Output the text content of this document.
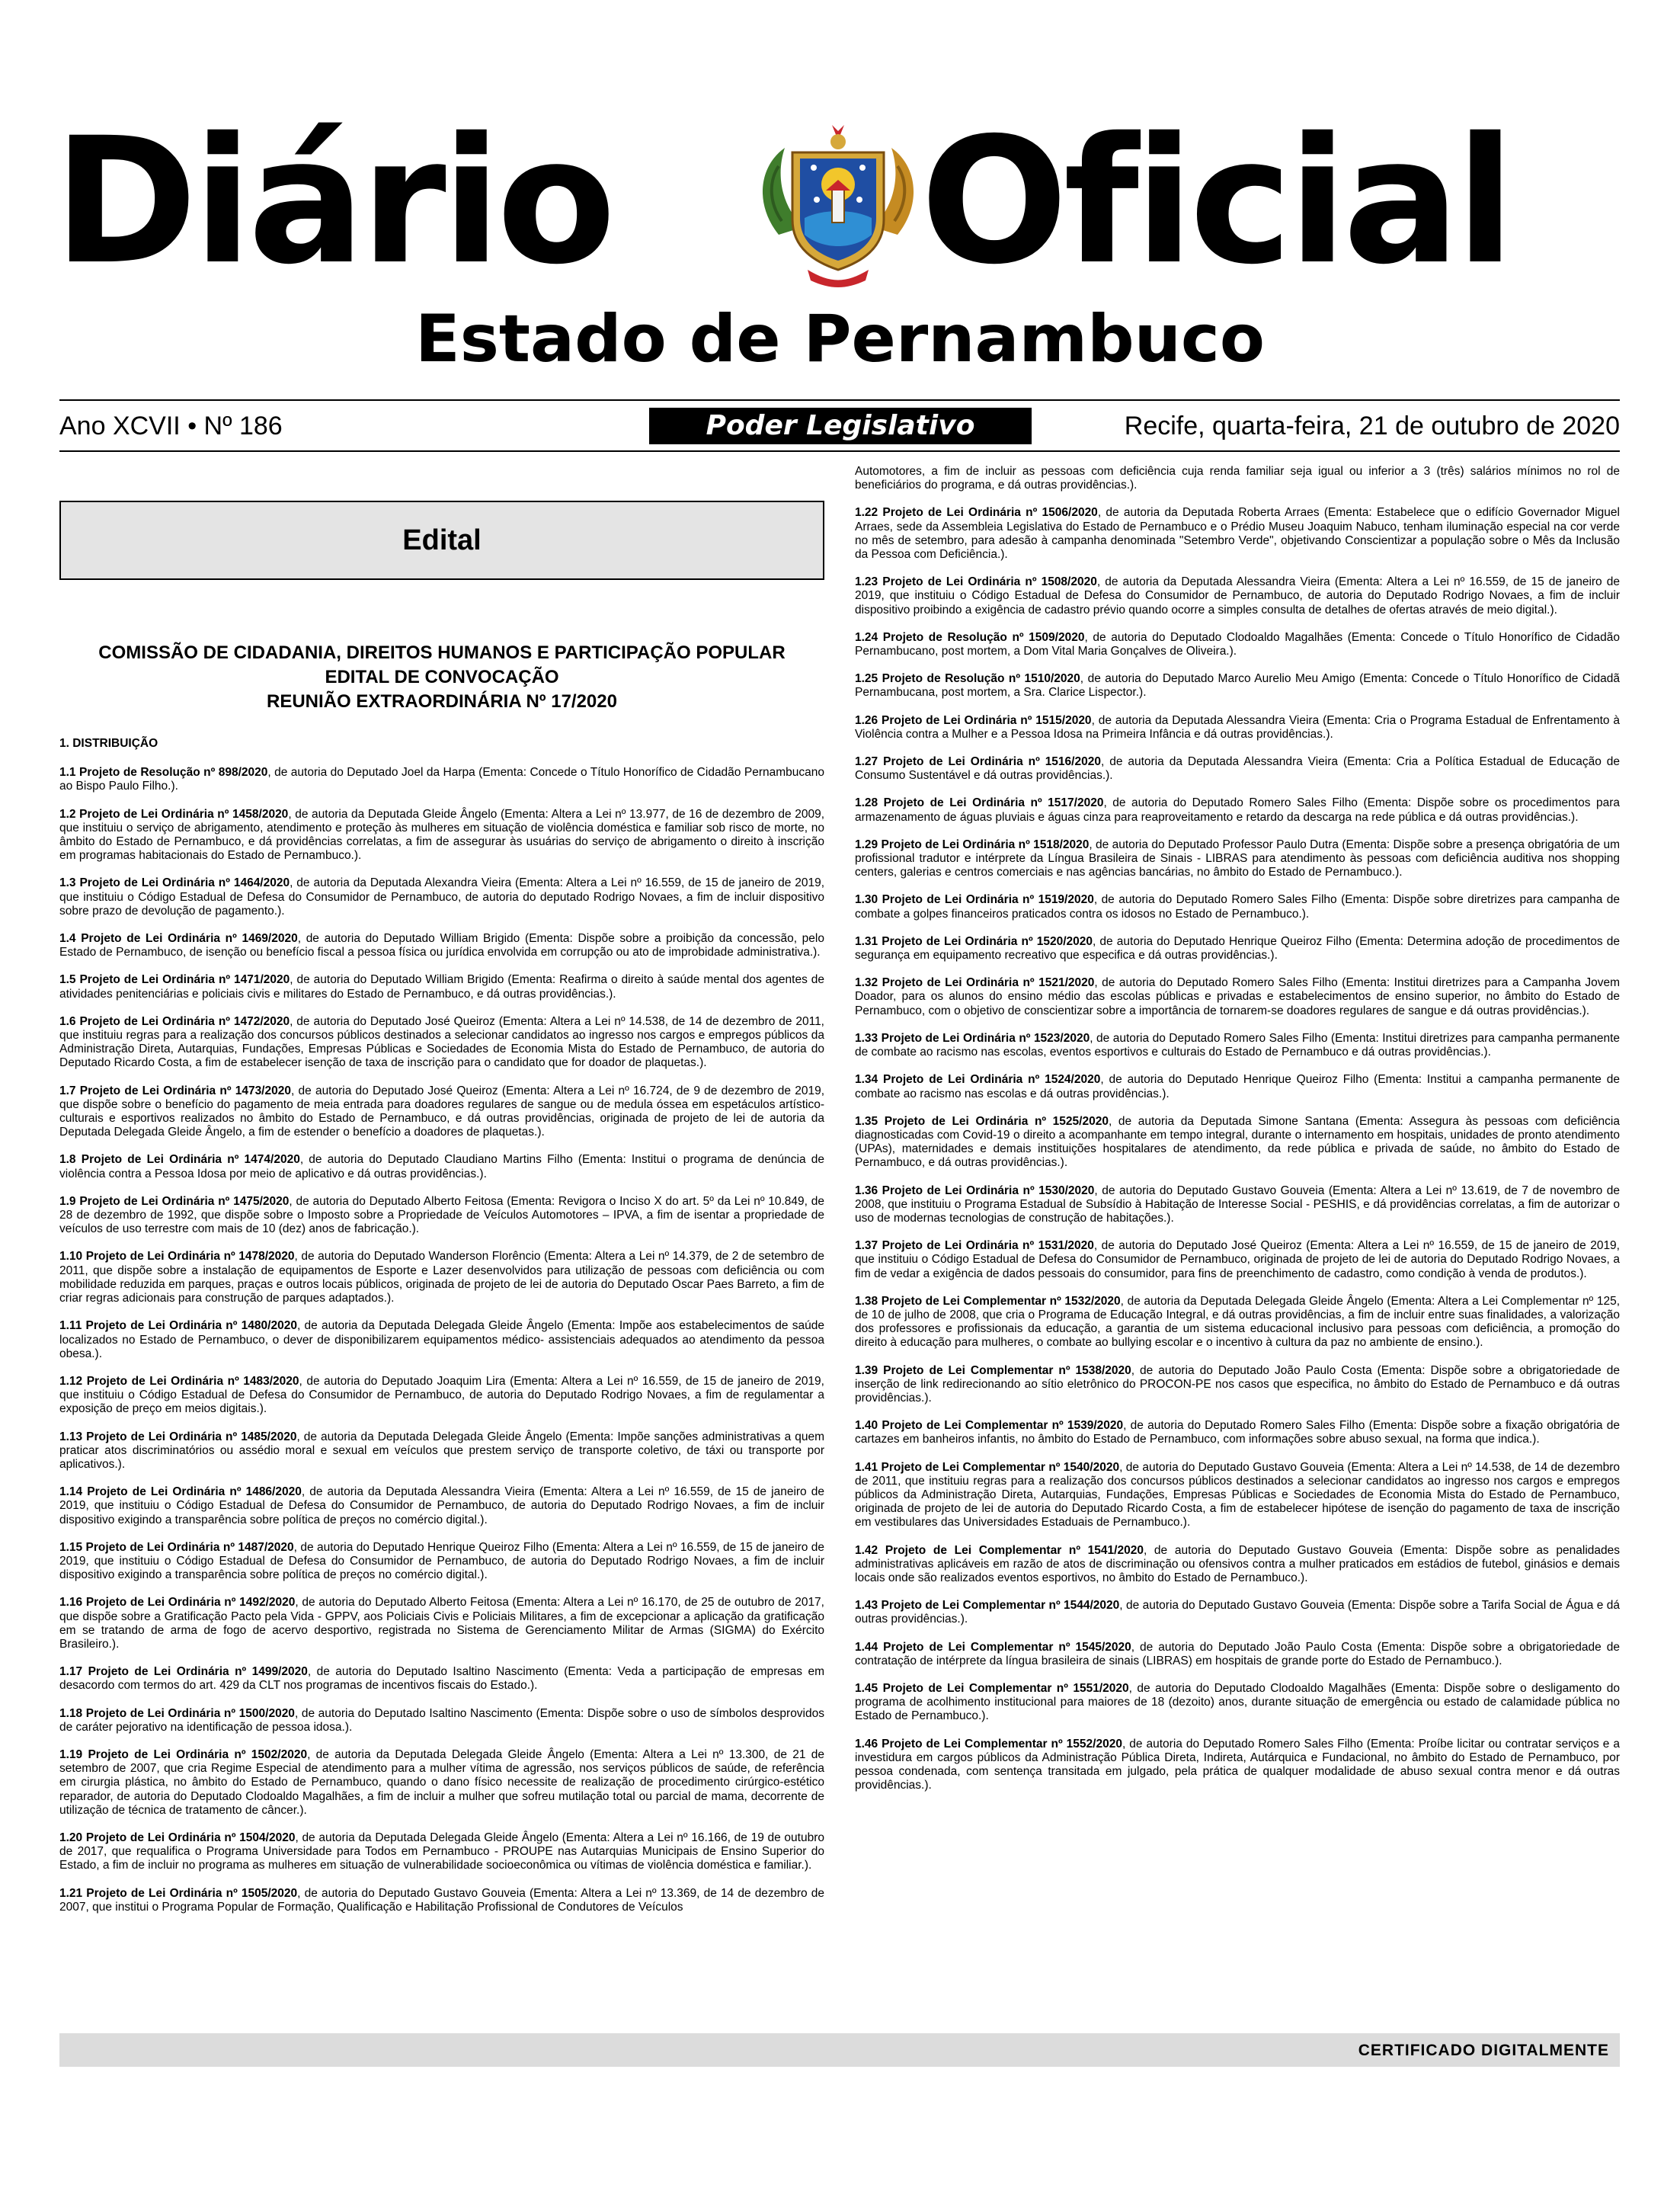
Diário Oficial
Estado de Pernambuco
Ano XCVII • Nº 186	Poder Legislativo	Recife, quarta-feira, 21 de outubro de 2020
Edital
COMISSÃO DE CIDADANIA, DIREITOS HUMANOS E PARTICIPAÇÃO POPULAR
EDITAL DE CONVOCAÇÃO
REUNIÃO EXTRAORDINÁRIA Nº 17/2020
1. DISTRIBUIÇÃO
1.1 Projeto de Resolução nº 898/2020, de autoria do Deputado Joel da Harpa (Ementa: Concede o Título Honorífico de Cidadão Pernambucano ao Bispo Paulo Filho.).
1.2 Projeto de Lei Ordinária nº 1458/2020, de autoria da Deputada Gleide Ângelo (Ementa: Altera a Lei nº 13.977, de 16 de dezembro de 2009, que instituiu o serviço de abrigamento, atendimento e proteção às mulheres em situação de violência doméstica e familiar sob risco de morte, no âmbito do Estado de Pernambuco, e dá providências correlatas, a fim de assegurar às usuárias do serviço de abrigamento o direito à inscrição em programas habitacionais do Estado de Pernambuco.).
1.3 Projeto de Lei Ordinária nº 1464/2020, de autoria da Deputada Alexandra Vieira (Ementa: Altera a Lei nº 16.559, de 15 de janeiro de 2019, que instituiu o Código Estadual de Defesa do Consumidor de Pernambuco, de autoria do deputado Rodrigo Novaes, a fim de incluir dispositivo sobre prazo de devolução de pagamento.).
1.4 Projeto de Lei Ordinária nº 1469/2020, de autoria do Deputado William Brigido (Ementa: Dispõe sobre a proibição da concessão, pelo Estado de Pernambuco, de isenção ou benefício fiscal a pessoa física ou jurídica envolvida em corrupção ou ato de improbidade administrativa.).
1.5 Projeto de Lei Ordinária nº 1471/2020, de autoria do Deputado William Brigido (Ementa: Reafirma o direito à saúde mental dos agentes de atividades penitenciárias e policiais civis e militares do Estado de Pernambuco, e dá outras providências.).
1.6 Projeto de Lei Ordinária nº 1472/2020, de autoria do Deputado José Queiroz (Ementa: Altera a Lei nº 14.538, de 14 de dezembro de 2011, que instituiu regras para a realização dos concursos públicos destinados a selecionar candidatos ao ingresso nos cargos e empregos públicos da Administração Direta, Autarquias, Fundações, Empresas Públicas e Sociedades de Economia Mista do Estado de Pernambuco, de autoria do Deputado Ricardo Costa, a fim de estabelecer isenção de taxa de inscrição para o candidato que for doador de plaquetas.).
1.7 Projeto de Lei Ordinária nº 1473/2020, de autoria do Deputado José Queiroz (Ementa: Altera a Lei nº 16.724, de 9 de dezembro de 2019, que dispõe sobre o benefício do pagamento de meia entrada para doadores regulares de sangue ou de medula óssea em espetáculos artístico-culturais e esportivos realizados no âmbito do Estado de Pernambuco, e dá outras providências, originada de projeto de lei de autoria da Deputada Delegada Gleide Ângelo, a fim de estender o benefício a doadores de plaquetas.).
1.8 Projeto de Lei Ordinária nº 1474/2020, de autoria do Deputado Claudiano Martins Filho (Ementa: Institui o programa de denúncia de violência contra a Pessoa Idosa por meio de aplicativo e dá outras providências.).
1.9 Projeto de Lei Ordinária nº 1475/2020, de autoria do Deputado Alberto Feitosa (Ementa: Revigora o Inciso X do art. 5º da Lei nº 10.849, de 28 de dezembro de 1992, que dispõe sobre o Imposto sobre a Propriedade de Veículos Automotores – IPVA, a fim de isentar a propriedade de veículos de uso terrestre com mais de 10 (dez) anos de fabricação.).
1.10 Projeto de Lei Ordinária nº 1478/2020, de autoria do Deputado Wanderson Florêncio (Ementa: Altera a Lei nº 14.379, de 2 de setembro de 2011, que dispõe sobre a instalação de equipamentos de Esporte e Lazer desenvolvidos para utilização de pessoas com deficiência ou com mobilidade reduzida em parques, praças e outros locais públicos, originada de projeto de lei de autoria do Deputado Oscar Paes Barreto, a fim de criar regras adicionais para construção de parques adaptados.).
1.11 Projeto de Lei Ordinária nº 1480/2020, de autoria da Deputada Delegada Gleide Ângelo (Ementa: Impõe aos estabelecimentos de saúde localizados no Estado de Pernambuco, o dever de disponibilizarem equipamentos médico- assistenciais adequados ao atendimento da pessoa obesa.).
1.12 Projeto de Lei Ordinária nº 1483/2020, de autoria do Deputado Joaquim Lira (Ementa: Altera a Lei nº 16.559, de 15 de janeiro de 2019, que instituiu o Código Estadual de Defesa do Consumidor de Pernambuco, de autoria do Deputado Rodrigo Novaes, a fim de regulamentar a exposição de preço em meios digitais.).
1.13 Projeto de Lei Ordinária nº 1485/2020, de autoria da Deputada Delegada Gleide Ângelo (Ementa: Impõe sanções administrativas a quem praticar atos discriminatórios ou assédio moral e sexual em veículos que prestem serviço de transporte coletivo, de táxi ou transporte por aplicativos.).
1.14 Projeto de Lei Ordinária nº 1486/2020, de autoria da Deputada Alessandra Vieira (Ementa: Altera a Lei nº 16.559, de 15 de janeiro de 2019, que instituiu o Código Estadual de Defesa do Consumidor de Pernambuco, de autoria do Deputado Rodrigo Novaes, a fim de incluir dispositivo exigindo a transparência sobre política de preços no comércio digital.).
1.15 Projeto de Lei Ordinária nº 1487/2020, de autoria do Deputado Henrique Queiroz Filho (Ementa: Altera a Lei nº 16.559, de 15 de janeiro de 2019, que instituiu o Código Estadual de Defesa do Consumidor de Pernambuco, de autoria do Deputado Rodrigo Novaes, a fim de incluir dispositivo exigindo a transparência sobre política de preços no comércio digital.).
1.16 Projeto de Lei Ordinária nº 1492/2020, de autoria do Deputado Alberto Feitosa (Ementa: Altera a Lei nº 16.170, de 25 de outubro de 2017, que dispõe sobre a Gratificação Pacto pela Vida - GPPV, aos Policiais Civis e Policiais Militares, a fim de excepcionar a aplicação da gratificação em se tratando de arma de fogo de acervo desportivo, registrada no Sistema de Gerenciamento Militar de Armas (SIGMA) do Exército Brasileiro.).
1.17 Projeto de Lei Ordinária nº 1499/2020, de autoria do Deputado Isaltino Nascimento (Ementa: Veda a participação de empresas em desacordo com termos do art. 429 da CLT nos programas de incentivos fiscais do Estado.).
1.18 Projeto de Lei Ordinária nº 1500/2020, de autoria do Deputado Isaltino Nascimento (Ementa: Dispõe sobre o uso de símbolos desprovidos de caráter pejorativo na identificação de pessoa idosa.).
1.19 Projeto de Lei Ordinária nº 1502/2020, de autoria da Deputada Delegada Gleide Ângelo (Ementa: Altera a Lei nº 13.300, de 21 de setembro de 2007, que cria Regime Especial de atendimento para a mulher vítima de agressão, nos serviços públicos de saúde, de referência em cirurgia plástica, no âmbito do Estado de Pernambuco, quando o dano físico necessite de realização de procedimento cirúrgico-estético reparador, de autoria do Deputado Clodoaldo Magalhães, a fim de incluir a mulher que sofreu mutilação total ou parcial de mama, decorrente de utilização de técnica de tratamento de câncer.).
1.20 Projeto de Lei Ordinária nº 1504/2020, de autoria da Deputada Delegada Gleide Ângelo (Ementa: Altera a Lei nº 16.166, de 19 de outubro de 2017, que requalifica o Programa Universidade para Todos em Pernambuco - PROUPE nas Autarquias Municipais de Ensino Superior do Estado, a fim de incluir no programa as mulheres em situação de vulnerabilidade socioeconômica ou vítimas de violência doméstica e familiar.).
1.21 Projeto de Lei Ordinária nº 1505/2020, de autoria do Deputado Gustavo Gouveia (Ementa: Altera a Lei nº 13.369, de 14 de dezembro de 2007, que institui o Programa Popular de Formação, Qualificação e Habilitação Profissional de Condutores de Veículos
Automotores, a fim de incluir as pessoas com deficiência cuja renda familiar seja igual ou inferior a 3 (três) salários mínimos no rol de beneficiários do programa, e dá outras providências.).
1.22 Projeto de Lei Ordinária nº 1506/2020, de autoria da Deputada Roberta Arraes (Ementa: Estabelece que o edifício Governador Miguel Arraes, sede da Assembleia Legislativa do Estado de Pernambuco e o Prédio Museu Joaquim Nabuco, tenham iluminação especial na cor verde no mês de setembro, para adesão à campanha denominada "Setembro Verde", objetivando Conscientizar a população sobre o Mês da Inclusão da Pessoa com Deficiência.).
1.23 Projeto de Lei Ordinária nº 1508/2020, de autoria da Deputada Alessandra Vieira (Ementa: Altera a Lei nº 16.559, de 15 de janeiro de 2019, que instituiu o Código Estadual de Defesa do Consumidor de Pernambuco, de autoria do Deputado Rodrigo Novaes, a fim de incluir dispositivo proibindo a exigência de cadastro prévio quando ocorre a simples consulta de detalhes de ofertas através de meio digital.).
1.24 Projeto de Resolução nº 1509/2020, de autoria do Deputado Clodoaldo Magalhães (Ementa: Concede o Título Honorífico de Cidadão Pernambucano, post mortem, a Dom Vital Maria Gonçalves de Oliveira.).
1.25 Projeto de Resolução nº 1510/2020, de autoria do Deputado Marco Aurelio Meu Amigo (Ementa: Concede o Título Honorífico de Cidadã Pernambucana, post mortem, a Sra. Clarice Lispector.).
1.26 Projeto de Lei Ordinária nº 1515/2020, de autoria da Deputada Alessandra Vieira (Ementa: Cria o Programa Estadual de Enfrentamento à Violência contra a Mulher e a Pessoa Idosa na Primeira Infância e dá outras providências.).
1.27 Projeto de Lei Ordinária nº 1516/2020, de autoria da Deputada Alessandra Vieira (Ementa: Cria a Política Estadual de Educação de Consumo Sustentável e dá outras providências.).
1.28 Projeto de Lei Ordinária nº 1517/2020, de autoria do Deputado Romero Sales Filho (Ementa: Dispõe sobre os procedimentos para armazenamento de águas pluviais e águas cinza para reaproveitamento e retardo da descarga na rede pública e dá outras providências.).
1.29 Projeto de Lei Ordinária nº 1518/2020, de autoria do Deputado Professor Paulo Dutra (Ementa: Dispõe sobre a presença obrigatória de um profissional tradutor e intérprete da Língua Brasileira de Sinais - LIBRAS para atendimento às pessoas com deficiência auditiva nos shopping centers, galerias e centros comerciais e nas agências bancárias, no âmbito do Estado de Pernambuco.).
1.30 Projeto de Lei Ordinária nº 1519/2020, de autoria do Deputado Romero Sales Filho (Ementa: Dispõe sobre diretrizes para campanha de combate a golpes financeiros praticados contra os idosos no Estado de Pernambuco.).
1.31 Projeto de Lei Ordinária nº 1520/2020, de autoria do Deputado Henrique Queiroz Filho (Ementa: Determina adoção de procedimentos de segurança em equipamento recreativo que especifica e dá outras providências.).
1.32 Projeto de Lei Ordinária nº 1521/2020, de autoria do Deputado Romero Sales Filho (Ementa: Institui diretrizes para a Campanha Jovem Doador, para os alunos do ensino médio das escolas públicas e privadas e estabelecimentos de ensino superior, no âmbito do Estado de Pernambuco, com o objetivo de conscientizar sobre a importância de tornarem-se doadores regulares de sangue e dá outras providências.).
1.33 Projeto de Lei Ordinária nº 1523/2020, de autoria do Deputado Romero Sales Filho (Ementa: Institui diretrizes para campanha permanente de combate ao racismo nas escolas, eventos esportivos e culturais do Estado de Pernambuco e dá outras providências.).
1.34 Projeto de Lei Ordinária nº 1524/2020, de autoria do Deputado Henrique Queiroz Filho (Ementa: Institui a campanha permanente de combate ao racismo nas escolas e dá outras providências.).
1.35 Projeto de Lei Ordinária nº 1525/2020, de autoria da Deputada Simone Santana (Ementa: Assegura às pessoas com deficiência diagnosticadas com Covid-19 o direito a acompanhante em tempo integral, durante o internamento em hospitais, unidades de pronto atendimento (UPAs), maternidades e demais instituições hospitalares de atendimento, da rede pública e privada de saúde, no âmbito do Estado de Pernambuco, e dá outras providências.).
1.36 Projeto de Lei Ordinária nº 1530/2020, de autoria do Deputado Gustavo Gouveia (Ementa: Altera a Lei nº 13.619, de 7 de novembro de 2008, que instituiu o Programa Estadual de Subsídio à Habitação de Interesse Social - PESHIS, e dá providências correlatas, a fim de autorizar o uso de modernas tecnologias de construção de habitações.).
1.37 Projeto de Lei Ordinária nº 1531/2020, de autoria do Deputado José Queiroz (Ementa: Altera a Lei nº 16.559, de 15 de janeiro de 2019, que instituiu o Código Estadual de Defesa do Consumidor de Pernambuco, originada de projeto de lei de autoria do Deputado Rodrigo Novaes, a fim de vedar a exigência de dados pessoais do consumidor, para fins de preenchimento de cadastro, como condição à venda de produtos.).
1.38 Projeto de Lei Complementar nº 1532/2020, de autoria da Deputada Delegada Gleide Ângelo (Ementa: Altera a Lei Complementar nº 125, de 10 de julho de 2008, que cria o Programa de Educação Integral, e dá outras providências, a fim de incluir entre suas finalidades, a valorização dos professores e profissionais da educação, a garantia de um sistema educacional inclusivo para pessoas com deficiência, a promoção do direito à educação para mulheres, o combate ao bullying escolar e o incentivo à cultura da paz no ambiente de ensino.).
1.39 Projeto de Lei Complementar nº 1538/2020, de autoria do Deputado João Paulo Costa (Ementa: Dispõe sobre a obrigatoriedade de inserção de link redirecionando ao sítio eletrônico do PROCON-PE nos casos que especifica, no âmbito do Estado de Pernambuco e dá outras providências.).
1.40 Projeto de Lei Complementar nº 1539/2020, de autoria do Deputado Romero Sales Filho (Ementa: Dispõe sobre a fixação obrigatória de cartazes em banheiros infantis, no âmbito do Estado de Pernambuco, com informações sobre abuso sexual, na forma que indica.).
1.41 Projeto de Lei Complementar nº 1540/2020, de autoria do Deputado Gustavo Gouveia (Ementa: Altera a Lei nº 14.538, de 14 de dezembro de 2011, que instituiu regras para a realização dos concursos públicos destinados a selecionar candidatos ao ingresso nos cargos e empregos públicos da Administração Direta, Autarquias, Fundações, Empresas Públicas e Sociedades de Economia Mista do Estado de Pernambuco, originada de projeto de lei de autoria do Deputado Ricardo Costa, a fim de estabelecer hipótese de isenção do pagamento de taxa de inscrição em vestibulares das Universidades Estaduais de Pernambuco.).
1.42 Projeto de Lei Complementar nº 1541/2020, de autoria do Deputado Gustavo Gouveia (Ementa: Dispõe sobre as penalidades administrativas aplicáveis em razão de atos de discriminação ou ofensivos contra a mulher praticados em estádios de futebol, ginásios e demais locais onde são realizados eventos esportivos, no âmbito do Estado de Pernambuco.).
1.43 Projeto de Lei Complementar nº 1544/2020, de autoria do Deputado Gustavo Gouveia (Ementa: Dispõe sobre a Tarifa Social de Água e dá outras providências.).
1.44 Projeto de Lei Complementar nº 1545/2020, de autoria do Deputado João Paulo Costa (Ementa: Dispõe sobre a obrigatoriedade de contratação de intérprete da língua brasileira de sinais (LIBRAS) em hospitais de grande porte do Estado de Pernambuco.).
1.45 Projeto de Lei Complementar nº 1551/2020, de autoria do Deputado Clodoaldo Magalhães (Ementa: Dispõe sobre o desligamento do programa de acolhimento institucional para maiores de 18 (dezoito) anos, durante situação de emergência ou estado de calamidade pública no Estado de Pernambuco.).
1.46 Projeto de Lei Complementar nº 1552/2020, de autoria do Deputado Romero Sales Filho (Ementa: Proíbe licitar ou contratar serviços e a investidura em cargos públicos da Administração Pública Direta, Indireta, Autárquica e Fundacional, no âmbito do Estado de Pernambuco, por pessoa condenada, com sentença transitada em julgado, pela prática de qualquer modalidade de abuso sexual contra menor e dá outras providências.).
CERTIFICADO DIGITALMENTE
